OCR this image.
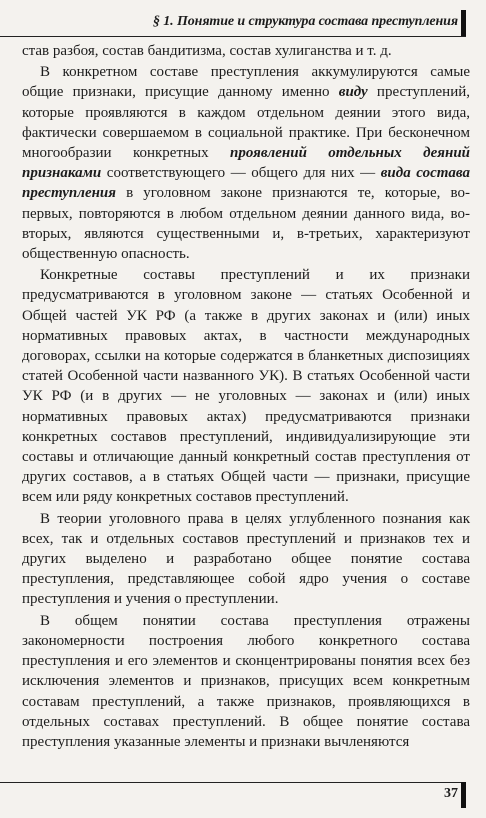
§ 1. Понятие и структура состава преступления

став разбоя, состав бандитизма, состав хулиганства и т. д.

В конкретном составе преступления аккумулируются самые общие признаки, присущие данному именно виду преступлений, которые проявляются в каждом отдельном деянии этого вида, фактически совершаемом в социальной практике. При бесконечном многообразии конкретных проявлений отдельных деяний признаками соответствующего — общего для них — вида состава преступления в уголовном законе признаются те, которые, во-первых, повторяются в любом отдельном деянии данного вида, во-вторых, являются существенными и, в-третьих, характеризуют общественную опасность.

Конкретные составы преступлений и их признаки предусматриваются в уголовном законе — статьях Особенной и Общей частей УК РФ (а также в других законах и (или) иных нормативных правовых актах, в частности международных договорах, ссылки на которые содержатся в бланкетных диспозициях статей Особенной части названного УК). В статьях Особенной части УК РФ (и в других — не уголовных — законах и (или) иных нормативных правовых актах) предусматриваются признаки конкретных составов преступлений, индивидуализирующие эти составы и отличающие данный конкретный состав преступления от других составов, а в статьях Общей части — признаки, присущие всем или ряду конкретных составов преступлений.

В теории уголовного права в целях углубленного познания как всех, так и отдельных составов преступлений и признаков тех и других выделено и разработано общее понятие состава преступления, представляющее собой ядро учения о составе преступления и учения о преступлении.

В общем понятии состава преступления отражены закономерности построения любого конкретного состава преступления и его элементов и сконцентрированы понятия всех без исключения элементов и признаков, присущих всем конкретным составам преступлений, а также признаков, проявляющихся в отдельных составах преступлений. В общее понятие состава преступления указанные элементы и признаки вычленяются

37
